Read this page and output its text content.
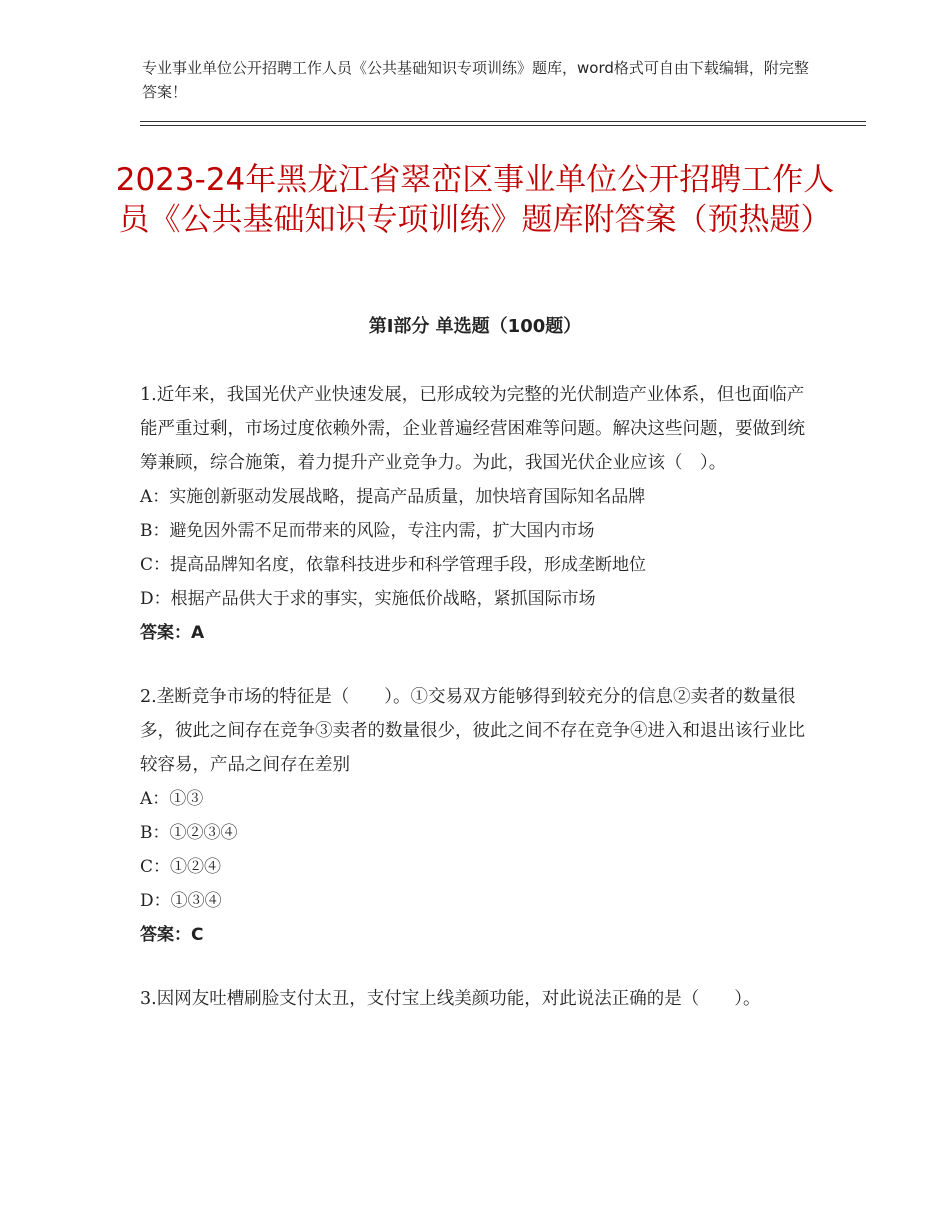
专业事业单位公开招聘工作人员《公共基础知识专项训练》题库，word格式可自由下载编辑，附完整答案！
2023-24年黑龙江省翠峦区事业单位公开招聘工作人员《公共基础知识专项训练》题库附答案（预热题）
第Ⅰ部分 单选题（100题）

1.近年来，我国光伏产业快速发展，已形成较为完整的光伏制造产业体系，但也面临产能严重过剩，市场过度依赖外需，企业普遍经营困难等问题。解决这些问题，要做到统筹兼顾，综合施策，着力提升产业竞争力。为此，我国光伏企业应该（　）。

A：实施创新驱动发展战略，提高产品质量，加快培育国际知名品牌

B：避免因外需不足而带来的风险，专注内需，扩大国内市场

C：提高品牌知名度，依靠科技进步和科学管理手段，形成垄断地位

D：根据产品供大于求的事实，实施低价战略，紧抓国际市场

答案：A

2.垄断竞争市场的特征是（　　）。①交易双方能够得到较充分的信息②卖者的数量很多，彼此之间存在竞争③卖者的数量很少，彼此之间不存在竞争④进入和退出该行业比较容易，产品之间存在差别

A：①③

B：①②③④

C：①②④

D：①③④

答案：C

3.因网友吐槽刷脸支付太丑，支付宝上线美颜功能，对此说法正确的是（　　）。
